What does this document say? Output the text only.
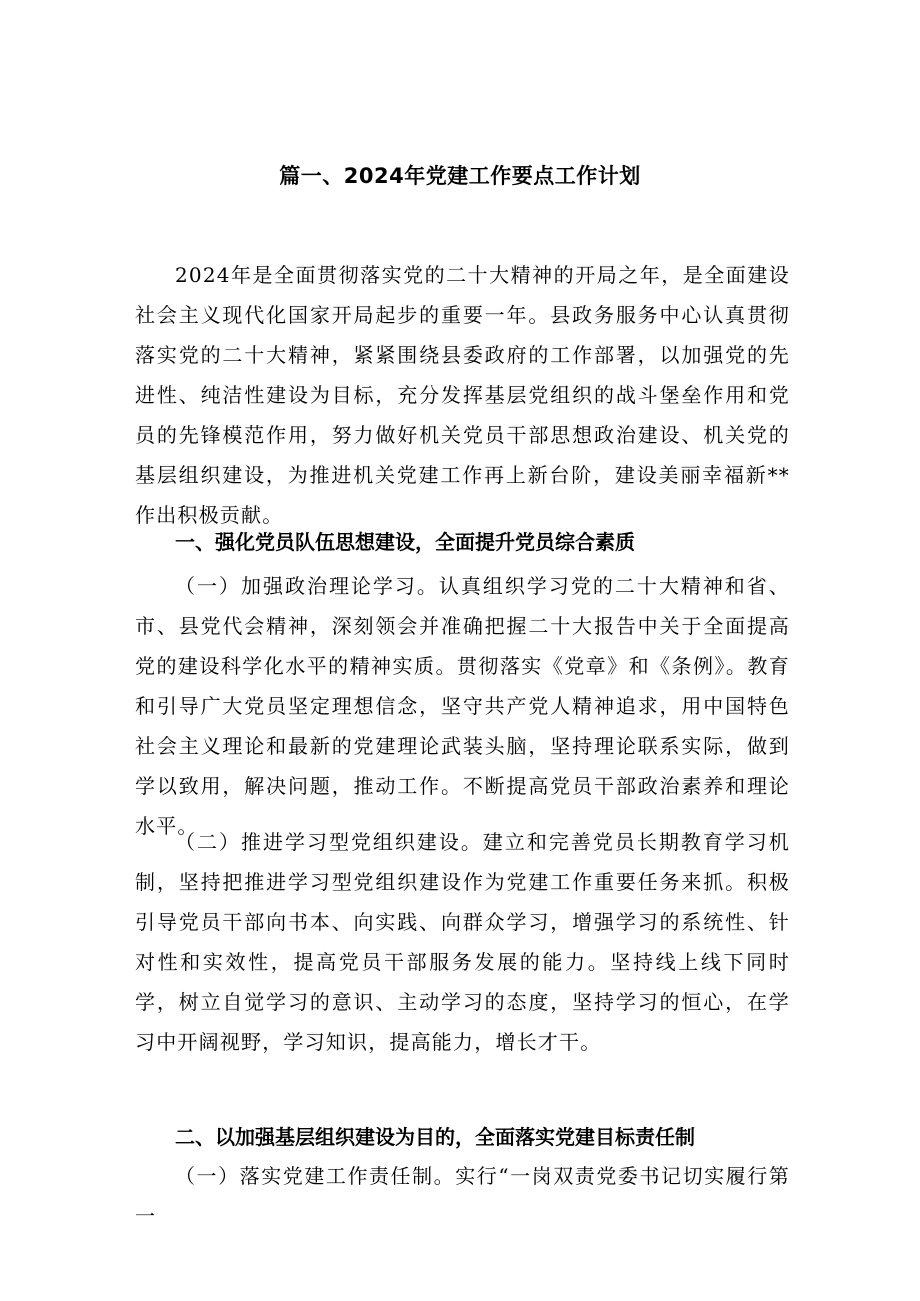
篇一、2024年党建工作要点工作计划

2024年是全面贯彻落实党的二十大精神的开局之年，是全面建设社会主义现代化国家开局起步的重要一年。县政务服务中心认真贯彻落实党的二十大精神，紧紧围绕县委政府的工作部署，以加强党的先进性、纯洁性建设为目标，充分发挥基层党组织的战斗堡垒作用和党员的先锋模范作用，努力做好机关党员干部思想政治建设、机关党的基层组织建设，为推进机关党建工作再上新台阶，建设美丽幸福新**作出积极贡献。

一、强化党员队伍思想建设，全面提升党员综合素质

（一）加强政治理论学习。认真组织学习党的二十大精神和省、市、县党代会精神，深刻领会并准确把握二十大报告中关于全面提高党的建设科学化水平的精神实质。贯彻落实《党章》和《条例》。教育和引导广大党员坚定理想信念，坚守共产党人精神追求，用中国特色社会主义理论和最新的党建理论武装头脑，坚持理论联系实际，做到学以致用，解决问题，推动工作。不断提高党员干部政治素养和理论水平。

（二）推进学习型党组织建设。建立和完善党员长期教育学习机制，坚持把推进学习型党组织建设作为党建工作重要任务来抓。积极引导党员干部向书本、向实践、向群众学习，增强学习的系统性、针对性和实效性，提高党员干部服务发展的能力。坚持线上线下同时学，树立自觉学习的意识、主动学习的态度，坚持学习的恒心，在学习中开阔视野，学习知识，提高能力，增长才干。

二、以加强基层组织建设为目的，全面落实党建目标责任制

（一）落实党建工作责任制。实行“一岗双责党委书记切实履行第一
